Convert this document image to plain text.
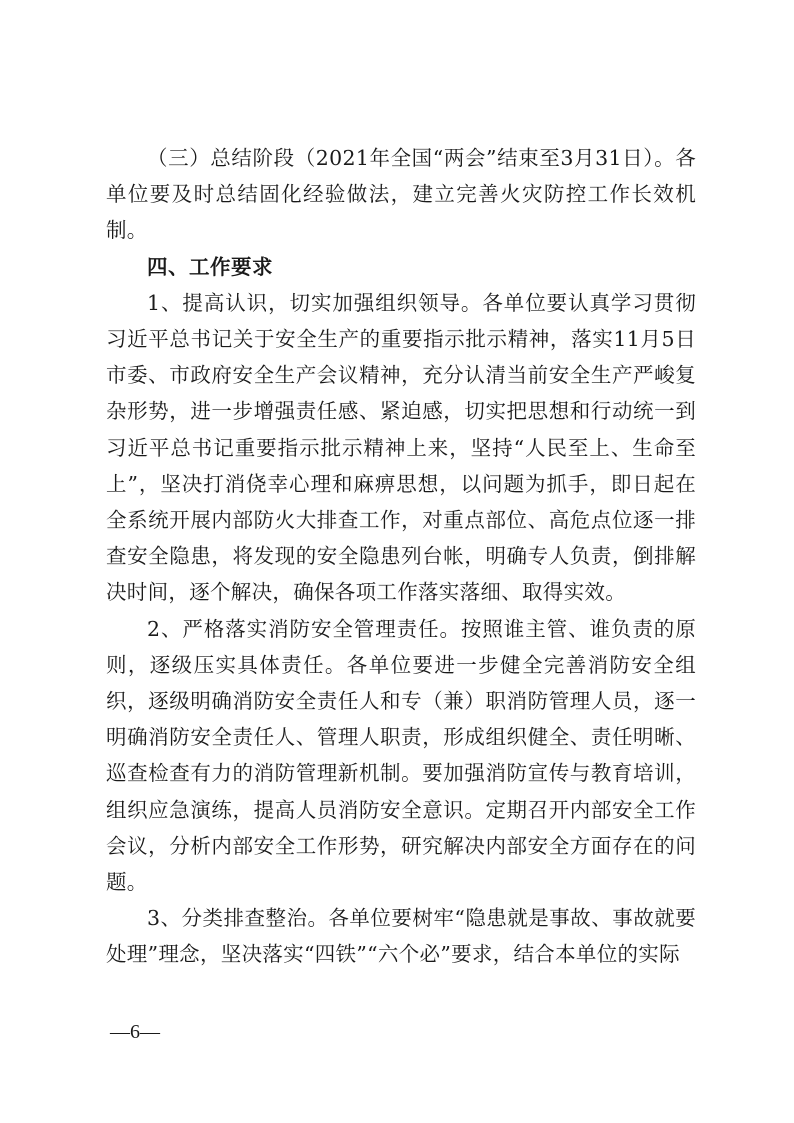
（三）总结阶段（2021年全国“两会”结束至3月31日）。各单位要及时总结固化经验做法，建立完善火灾防控工作长效机制。

四、工作要求

1、提高认识，切实加强组织领导。各单位要认真学习贯彻习近平总书记关于安全生产的重要指示批示精神，落实11月5日市委、市政府安全生产会议精神，充分认清当前安全生产严峻复杂形势，进一步增强责任感、紧迫感，切实把思想和行动统一到习近平总书记重要指示批示精神上来，坚持“人民至上、生命至上”，坚决打消侥幸心理和麻痹思想，以问题为抓手，即日起在全系统开展内部防火大排查工作，对重点部位、高危点位逐一排查安全隐患，将发现的安全隐患列台帐，明确专人负责，倒排解决时间，逐个解决，确保各项工作落实落细、取得实效。

2、严格落实消防安全管理责任。按照谁主管、谁负责的原则，逐级压实具体责任。各单位要进一步健全完善消防安全组织，逐级明确消防安全责任人和专（兼）职消防管理人员，逐一明确消防安全责任人、管理人职责，形成组织健全、责任明晰、巡查检查有力的消防管理新机制。要加强消防宣传与教育培训，组织应急演练，提高人员消防安全意识。定期召开内部安全工作会议，分析内部安全工作形势，研究解决内部安全方面存在的问题。

3、分类排查整治。各单位要树牢“隐患就是事故、事故就要处理”理念，坚决落实“四铁”“六个必”要求，结合本单位的实际

—6—
